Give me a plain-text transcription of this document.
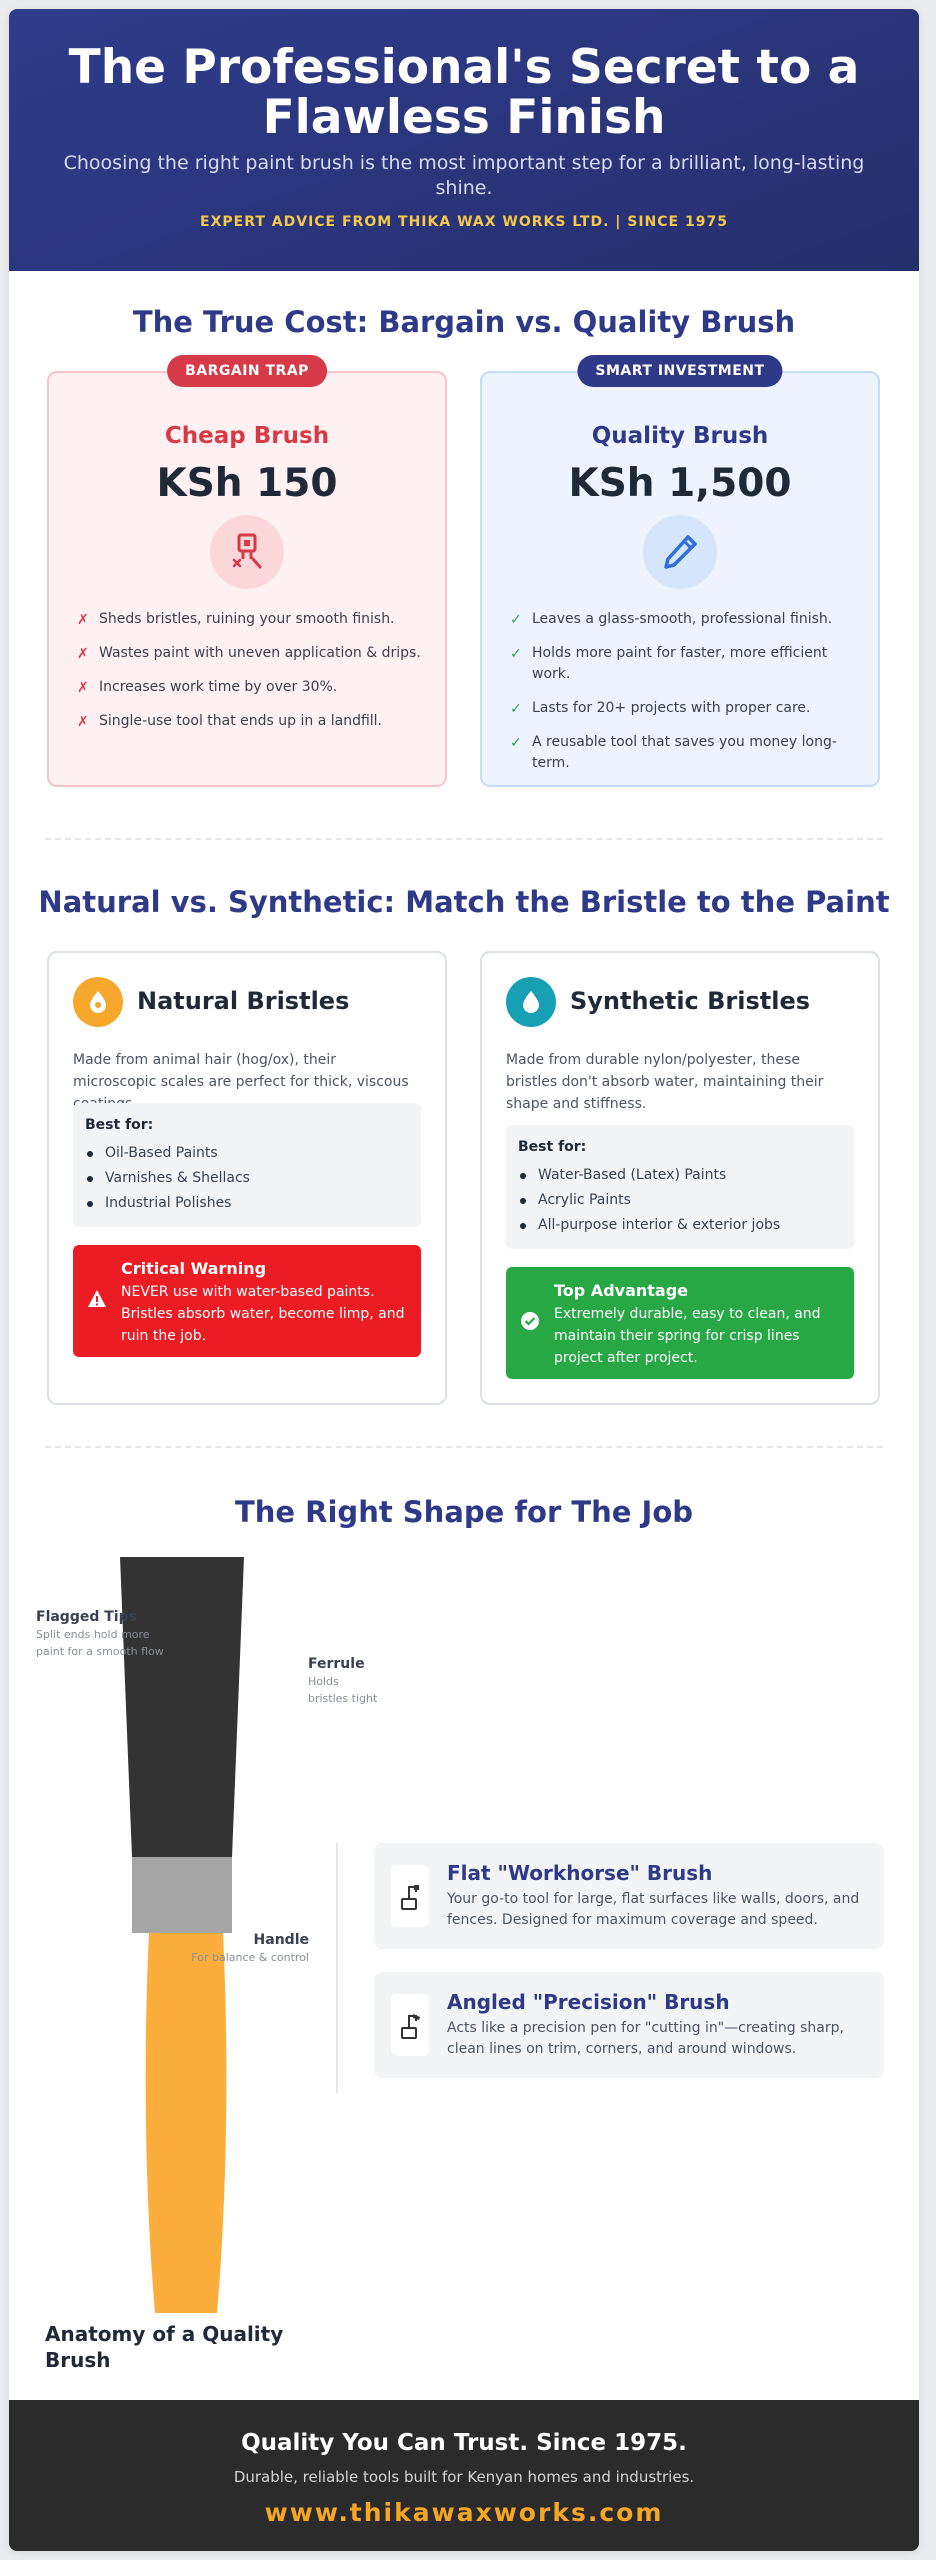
The Professional's Secret to a Flawless Finish
Choosing the right paint brush is the most important step for a brilliant, long-lasting shine.
EXPERT ADVICE FROM THIKA WAX WORKS LTD. | SINCE 1975
The True Cost: Bargain vs. Quality Brush
BARGAIN TRAP
Cheap Brush
KSh 150
✗ Sheds bristles, ruining your smooth finish.
✗ Wastes paint with uneven application & drips.
✗ Increases work time by over 30%.
✗ Single-use tool that ends up in a landfill.
SMART INVESTMENT
Quality Brush
KSh 1,500
✓ Leaves a glass-smooth, professional finish.
✓ Holds more paint for faster, more efficient work.
✓ Lasts for 20+ projects with proper care.
✓ A reusable tool that saves you money long-term.
Natural vs. Synthetic: Match the Bristle to the Paint
Natural Bristles
Made from animal hair (hog/ox), their microscopic scales are perfect for thick, viscous
Best for:
Oil-Based Paints
Varnishes & Shellacs
Industrial Polishes
Critical Warning
NEVER use with water-based paints. Bristles absorb water, become limp, and ruin the job.
Synthetic Bristles
Made from durable nylon/polyester, these bristles don't absorb water, maintaining their shape and stiffness.
Best for:
Water-Based (Latex) Paints
Acrylic Paints
All-purpose interior & exterior jobs
Top Advantage
Extremely durable, easy to clean, and maintain their spring for crisp lines project after project.
The Right Shape for The Job
Flagged Tips
Split ends hold more paint for a smooth flow
Ferrule
Holds bristles tight
Handle
For balance & control
Anatomy of a Quality Brush
Flat "Workhorse" Brush
Your go-to tool for large, flat surfaces like walls, doors, and fences. Designed for maximum coverage and speed.
Angled "Precision" Brush
Acts like a precision pen for "cutting in"—creating sharp, clean lines on trim, corners, and around windows.
Quality You Can Trust. Since 1975.
Durable, reliable tools built for Kenyan homes and industries.
www.thikawaxworks.com
